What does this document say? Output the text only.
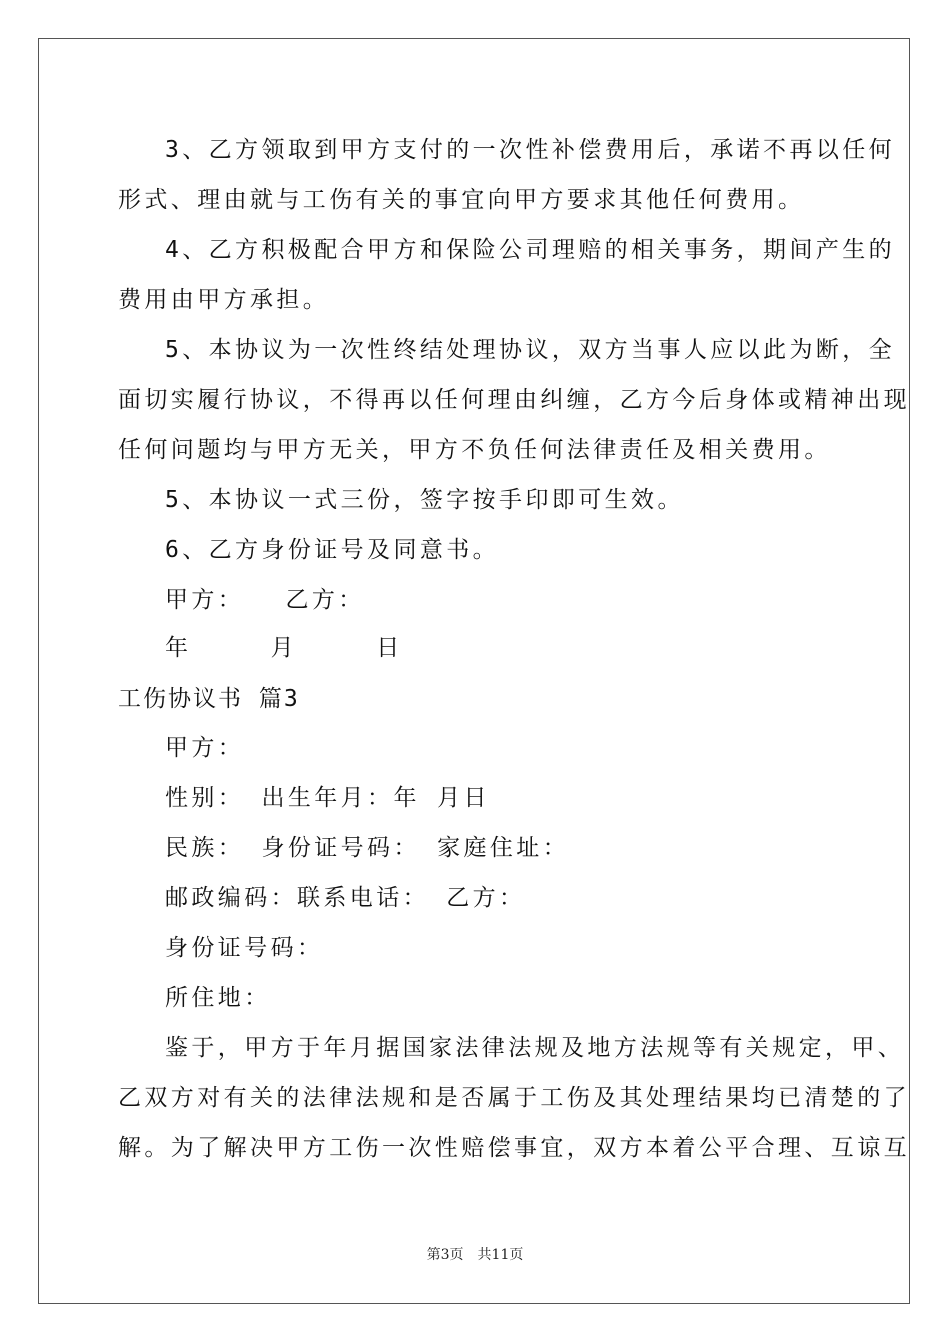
3、乙方领取到甲方支付的一次性补偿费用后，承诺不再以任何

形式、理由就与工伤有关的事宜向甲方要求其他任何费用。

4、乙方积极配合甲方和保险公司理赔的相关事务，期间产生的

费用由甲方承担。

5、本协议为一次性终结处理协议，双方当事人应以此为断，全

面切实履行协议，不得再以任何理由纠缠，乙方今后身体或精神出现

任何问题均与甲方无关，甲方不负任何法律责任及相关费用。

5、本协议一式三份，签字按手印即可生效。

6、乙方身份证号及同意书。

甲方：　　乙方：

年　　　月　　　日

工伤协议书 篇3

甲方：

性别： 出生年月：年 月日

民族： 身份证号码： 家庭住址：

邮政编码：联系电话： 乙方：

身份证号码：

所住地：

鉴于，甲方于年月据国家法律法规及地方法规等有关规定，甲、

乙双方对有关的法律法规和是否属于工伤及其处理结果均已清楚的了

解。为了解决甲方工伤一次性赔偿事宜，双方本着公平合理、互谅互

第3页 共11页
